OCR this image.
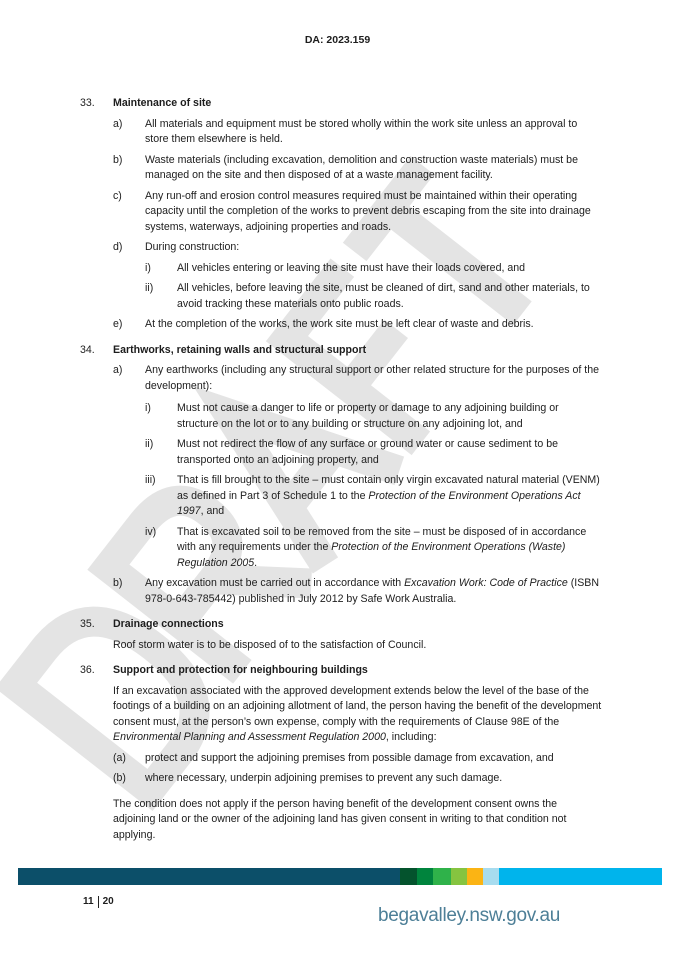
DA: 2023.159
33.	Maintenance of site
a)	All materials and equipment must be stored wholly within the work site unless an approval to store them elsewhere is held.
b)	Waste materials (including excavation, demolition and construction waste materials) must be managed on the site and then disposed of at a waste management facility.
c)	Any run-off and erosion control measures required must be maintained within their operating capacity until the completion of the works to prevent debris escaping from the site into drainage systems, waterways, adjoining properties and roads.
d)	During construction:
i)	All vehicles entering or leaving the site must have their loads covered, and
ii)	All vehicles, before leaving the site, must be cleaned of dirt, sand and other materials, to avoid tracking these materials onto public roads.
e)	At the completion of the works, the work site must be left clear of waste and debris.
34.	Earthworks, retaining walls and structural support
a)	Any earthworks (including any structural support or other related structure for the purposes of the development):
i)	Must not cause a danger to life or property or damage to any adjoining building or structure on the lot or to any building or structure on any adjoining lot, and
ii)	Must not redirect the flow of any surface or ground water or cause sediment to be transported onto an adjoining property, and
iii)	That is fill brought to the site – must contain only virgin excavated natural material (VENM) as defined in Part 3 of Schedule 1 to the Protection of the Environment Operations Act 1997, and
iv)	That is excavated soil to be removed from the site – must be disposed of in accordance with any requirements under the Protection of the Environment Operations (Waste) Regulation 2005.
b)	Any excavation must be carried out in accordance with Excavation Work: Code of Practice (ISBN 978-0-643-785442) published in July 2012 by Safe Work Australia.
35.	Drainage connections
Roof storm water is to be disposed of to the satisfaction of Council.
36.	Support and protection for neighbouring buildings
If an excavation associated with the approved development extends below the level of the base of the footings of a building on an adjoining allotment of land, the person having the benefit of the development consent must, at the person’s own expense, comply with the requirements of Clause 98E of the Environmental Planning and Assessment Regulation 2000, including:
(a)	protect and support the adjoining premises from possible damage from excavation, and
(b)	where necessary, underpin adjoining premises to prevent any such damage.
The condition does not apply if the person having benefit of the development consent owns the adjoining land or the owner of the adjoining land has given consent in writing to that condition not applying.
11 20
begavalley.nsw.gov.au
